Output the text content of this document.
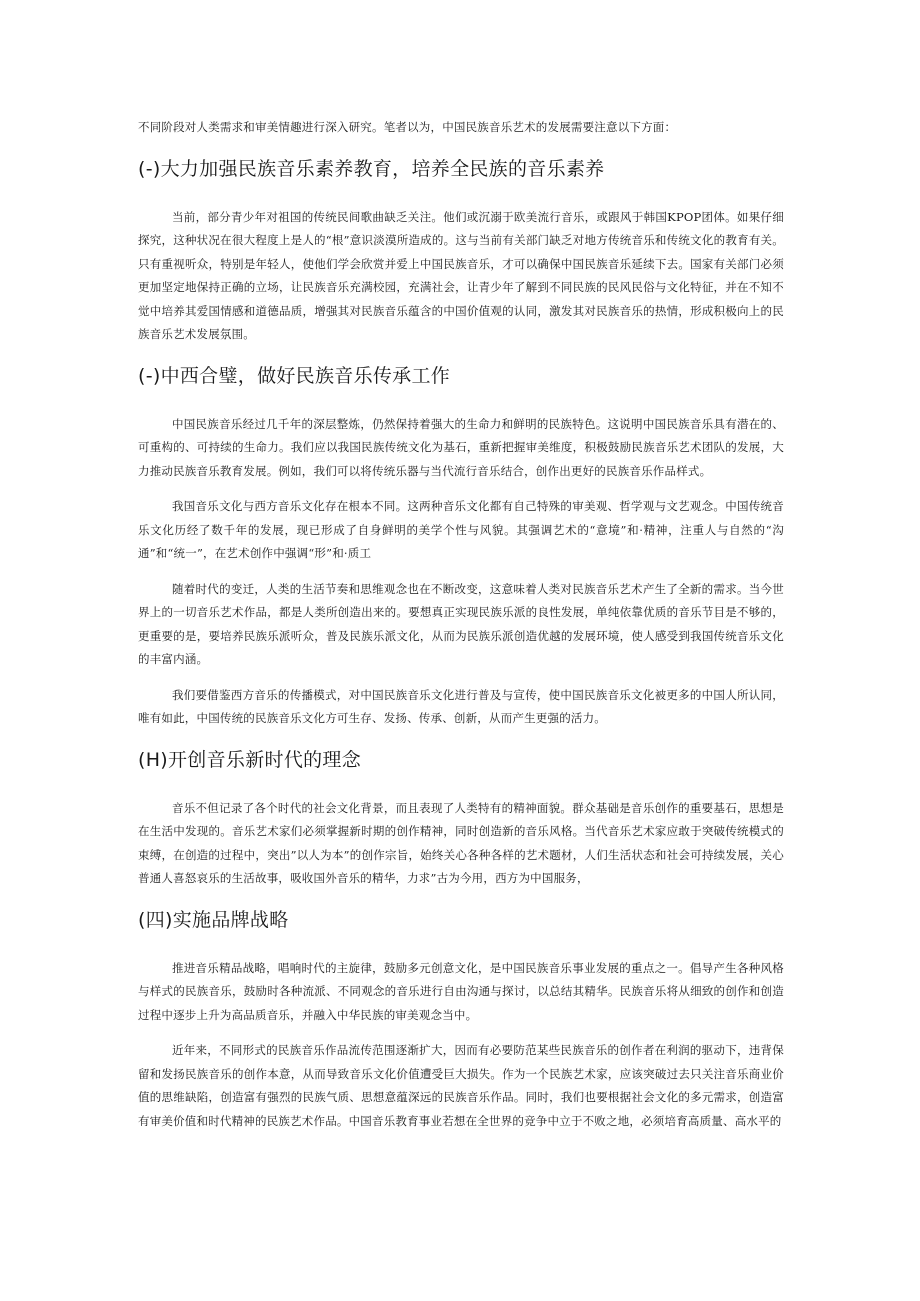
不同阶段对人类需求和审美情趣进行深入研究。笔者以为，中国民族音乐艺术的发展需要注意以下方面：

(-)大力加强民族音乐素养教育，培养全民族的音乐素养

当前，部分青少年对祖国的传统民间歌曲缺乏关注。他们或沉溺于欧美流行音乐，或跟风于韩国KPOP团体。如果仔细探究，这种状况在很大程度上是人的“根”意识淡漠所造成的。这与当前有关部门缺乏对地方传统音乐和传统文化的教育有关。只有重视听众，特别是年轻人，使他们学会欣赏并爱上中国民族音乐，才可以确保中国民族音乐延续下去。国家有关部门必须更加坚定地保持正确的立场，让民族音乐充满校园，充满社会，让青少年了解到不同民族的民风民俗与文化特征，并在不知不觉中培养其爱国情感和道德品质，增强其对民族音乐蕴含的中国价值观的认同，激发其对民族音乐的热情，形成积极向上的民族音乐艺术发展氛围。

(-)中西合璧，做好民族音乐传承工作

中国民族音乐经过几千年的深层整炼，仍然保持着强大的生命力和鲜明的民族特色。这说明中国民族音乐具有潜在的、可重构的、可持续的生命力。我们应以我国民族传统文化为基石，重新把握审美维度，积极鼓励民族音乐艺术团队的发展，大力推动民族音乐教育发展。例如，我们可以将传统乐器与当代流行音乐结合，创作出更好的民族音乐作品样式。

我国音乐文化与西方音乐文化存在根本不同。这两种音乐文化都有自己特殊的审美观、哲学观与文艺观念。中国传统音乐文化历经了数千年的发展，现已形成了自身鲜明的美学个性与风貌。其强调艺术的“意境”和·精神，注重人与自然的“沟通”和“统一”，在艺术创作中强调“形”和·质工

随着时代的变迁，人类的生活节奏和思维观念也在不断改变，这意味着人类对民族音乐艺术产生了全新的需求。当今世界上的一切音乐艺术作品，都是人类所创造出来的。要想真正实现民族乐派的良性发展，单纯依靠优质的音乐节目是不够的，更重要的是，要培养民族乐派听众，普及民族乐派文化，从而为民族乐派创造优越的发展环境，使人感受到我国传统音乐文化的丰富内涵。

我们要借鉴西方音乐的传播模式，对中国民族音乐文化进行普及与宣传，使中国民族音乐文化被更多的中国人所认同，唯有如此，中国传统的民族音乐文化方可生存、发扬、传承、创新，从而产生更强的活力。

(H)开创音乐新时代的理念

音乐不但记录了各个时代的社会文化背景，而且表现了人类特有的精神面貌。群众基础是音乐创作的重要基石，思想是在生活中发现的。音乐艺术家们必须掌握新时期的创作精神，同时创造新的音乐风格。当代音乐艺术家应敢于突破传统模式的束缚，在创造的过程中，突出”以人为本”的创作宗旨，始终关心各种各样的艺术题材，人们生活状态和社会可持续发展，关心普通人喜怒哀乐的生活故事，吸收国外音乐的精华，力求”古为今用，西方为中国服务，

(四)实施品牌战略

推进音乐精品战略，唱响时代的主旋律，鼓励多元创意文化，是中国民族音乐事业发展的重点之一。倡导产生各种风格与样式的民族音乐，鼓励时各种流派、不同观念的音乐进行自由沟通与探讨，以总结其精华。民族音乐将从细致的创作和创造过程中逐步上升为高品质音乐，并融入中华民族的审美观念当中。

近年来，不同形式的民族音乐作品流传范围逐渐扩大，因而有必要防范某些民族音乐的创作者在利润的驱动下，违背保留和发扬民族音乐的创作本意，从而导致音乐文化价值遭受巨大损失。作为一个民族艺术家，应该突破过去只关注音乐商业价值的思维缺陷，创造富有强烈的民族气质、思想意蕴深远的民族音乐作品。同时，我们也要根据社会文化的多元需求，创造富有审美价值和时代精神的民族艺术作品。中国音乐教育事业若想在全世界的竞争中立于不败之地，必须培育高质量、高水平的
